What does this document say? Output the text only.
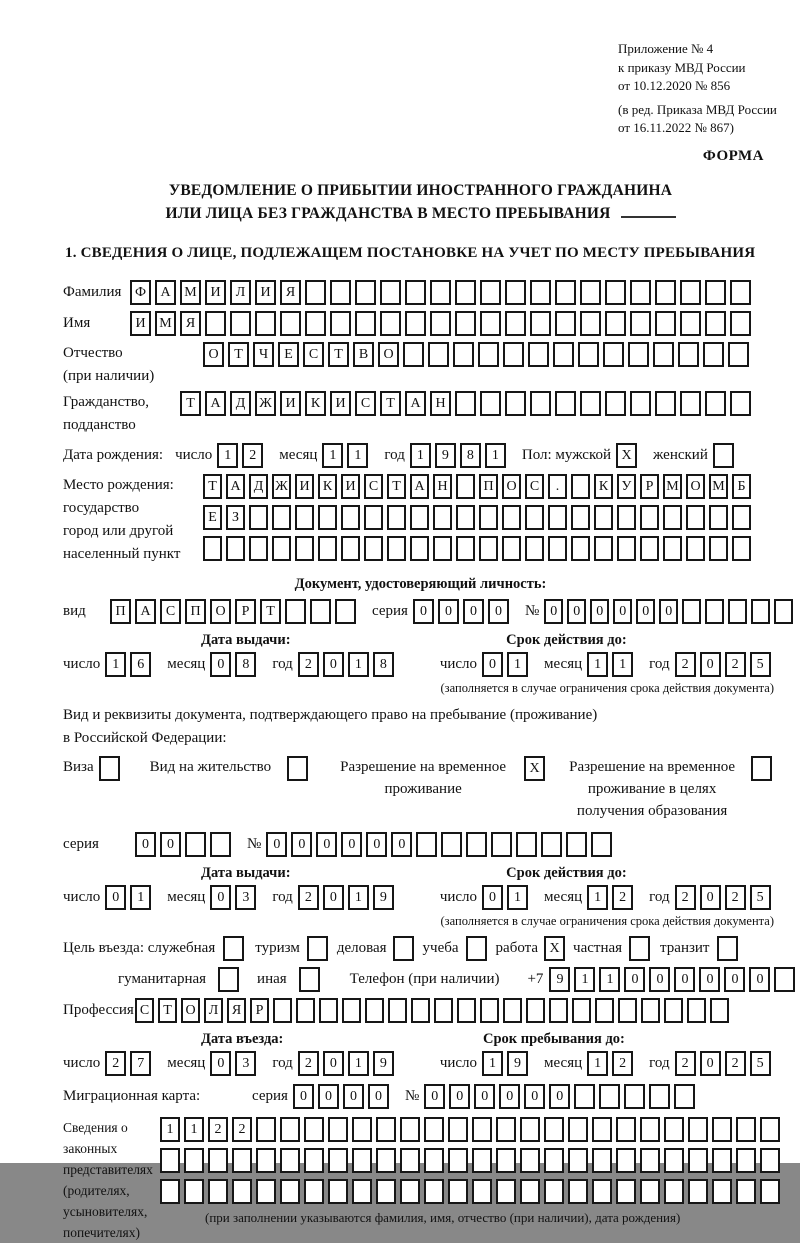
Приложение № 4
к приказу МВД России
от 10.12.2020 № 856
(в ред. Приказа МВД России
от 16.11.2022 № 867)
ФОРМА
УВЕДОМЛЕНИЕ О ПРИБЫТИИ ИНОСТРАННОГО ГРАЖДАНИНА
ИЛИ ЛИЦА БЕЗ ГРАЖДАНСТВА В МЕСТО ПРЕБЫВАНИЯ
1. СВЕДЕНИЯ О ЛИЦЕ, ПОДЛЕЖАЩЕМ ПОСТАНОВКЕ НА УЧЕТ ПО МЕСТУ ПРЕБЫВАНИЯ
Фамилия Ф	А М И	Л	И	Я
Имя	И М	Я
Отчество
(при наличии)
О	Т	Ч	Е	С	Т	В	О
Гражданство,
подданство
Т	А	Д Ж И	К	И	С	Т	А	Н
Дата рождения: число 1	2	месяц 1	1	год 1	9	8	1	Пол: мужской X	женский
Место рождения:
государство
город или другой
населенный пункт
Т А Д Ж И К И С	Т А Н	П О С	.	К У	Р М О М Б
Е	З
Документ, удостоверяющий личность:
вид	П	А	С	П	О	Р	Т	серия 0	0	0	0	№ 0	0	0	0	0	0
Дата выдачи:	Срок действия до:
число 1	6	месяц 0	8	год 2	0	1	8	число 0	1	месяц 1	1	год 2	0	2	5
(заполняется в случае ограничения срока действия документа)
Вид и реквизиты документа, подтверждающего право на пребывание (проживание)
в Российской Федерации:
Виза	Вид на жительство	Разрешение на временное
проживание
X	Разрешение на временное
проживание в целях
получения образования
серия	0	0	№ 0	0	0	0	0	0
Дата выдачи:	Срок действия до:
число 0	1	месяц 0	3	год 2	0	1	9	число 0	1	месяц 1	2	год 2	0	2	5
(заполняется в случае ограничения срока действия документа)
Цель въезда: служебная	туризм деловая учеба работа X частная	транзит
гуманитарная	иная	Телефон (при наличии) +7 9	1	1	0	0	0	0	0	0
Профессия С	Т О Л Я	Р
Дата въезда:	Срок пребывания до:
число 2	7	месяц 0	3	год 2	0	1	9	число 1	9	месяц 1	2	год 2	0	2	5
Миграционная карта:	серия 0	0	0	0	№ 0	0	0	0	0	0
Сведения о
законных
представителях
(родителях,
усыновителях,
попечителях)
1	1	2	2
(при заполнении указываются фамилия, имя, отчество (при наличии), дата рождения)
